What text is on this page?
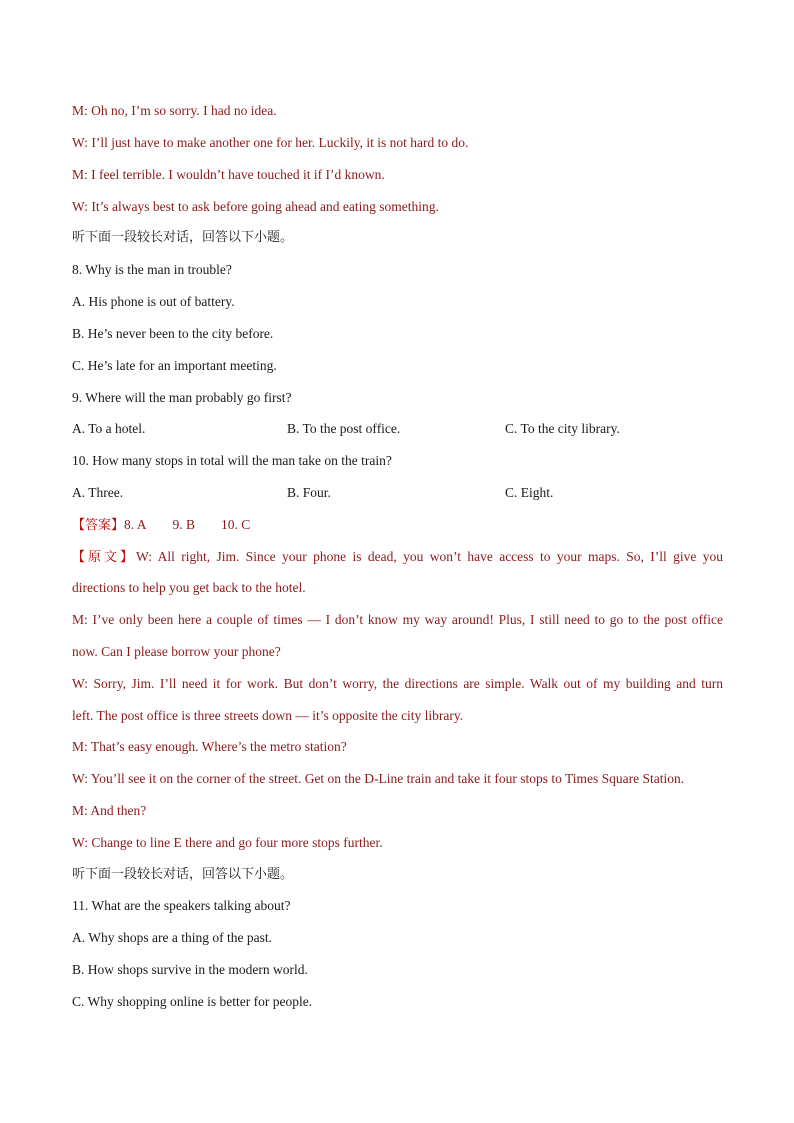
M: Oh no, I’m so sorry. I had no idea.
W: I’ll just have to make another one for her. Luckily, it is not hard to do.
M: I feel terrible. I wouldn’t have touched it if I’d known.
W: It’s always best to ask before going ahead and eating something.
听下面一段较长对话，回答以下小题。
8. Why is the man in trouble?
A. His phone is out of battery.
B. He’s never been to the city before.
C. He’s late for an important meeting.
9. Where will the man probably go first?
A. To a hotel.	B. To the post office.	C. To the city library.
10. How many stops in total will the man take on the train?
A. Three.	B. Four.	C. Eight.
【答案】8. A 9. B 10. C
【原文】W: All right, Jim. Since your phone is dead, you won’t have access to your maps. So, I’ll give you
directions to help you get back to the hotel.
M: I’ve only been here a couple of times — I don’t know my way around! Plus, I still need to go to the post office
now. Can I please borrow your phone?
W: Sorry, Jim. I’ll need it for work. But don’t worry, the directions are simple. Walk out of my building and turn
left. The post office is three streets down — it’s opposite the city library.
M: That’s easy enough. Where’s the metro station?
W: You’ll see it on the corner of the street. Get on the D-Line train and take it four stops to Times Square Station.
M: And then?
W: Change to line E there and go four more stops further.
听下面一段较长对话，回答以下小题。
11. What are the speakers talking about?
A. Why shops are a thing of the past.
B. How shops survive in the modern world.
C. Why shopping online is better for people.
